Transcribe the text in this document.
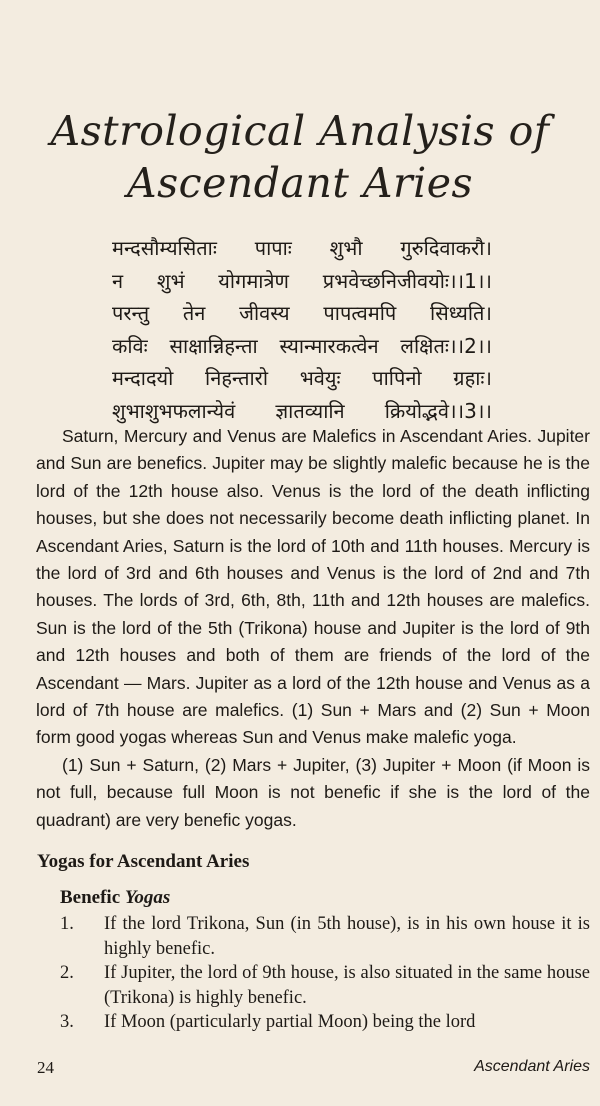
Astrological Analysis of
Ascendant Aries
मन्दसौम्यसिताः पापाः शुभौ गुरुदिवाकरौ।
न शुभं योगमात्रेण प्रभवेच्छनिजीवयोः।।1।।
परन्तु तेन जीवस्य पापत्वमपि सिध्यति।
कविः साक्षान्निहन्ता स्यान्मारकत्वेन लक्षितः।।2।।
मन्दादयो निहन्तारो भवेयुः पापिनो ग्रहाः।
शुभाशुभफलान्येवं ज्ञातव्यानि क्रियोद्भवे।।3।।

Saturn, Mercury and Venus are Malefics in Ascendant Aries. Jupiter and Sun are benefics. Jupiter may be slightly malefic because he is the lord of the 12th house also. Venus is the lord of the death inflicting houses, but she does not necessarily become death inflicting planet. In Ascendant Aries, Saturn is the lord of 10th and 11th houses. Mercury is the lord of 3rd and 6th houses and Venus is the lord of 2nd and 7th houses. The lords of 3rd, 6th, 8th, 11th and 12th houses are malefics. Sun is the lord of the 5th (Trikona) house and Jupiter is the lord of 9th and 12th houses and both of them are friends of the lord of the Ascendant — Mars. Jupiter as a lord of the 12th house and Venus as a lord of 7th house are malefics. (1) Sun + Mars and (2) Sun + Moon form good yogas whereas Sun and Venus make malefic yoga.

(1) Sun + Saturn, (2) Mars + Jupiter, (3) Jupiter + Moon (if Moon is not full, because full Moon is not benefic if she is the lord of the quadrant) are very benefic yogas.

Yogas for Ascendant Aries
Benefic Yogas
1.	If the lord Trikona, Sun (in 5th house), is in his own house it is highly benefic.
2.	If Jupiter, the lord of 9th house, is also situated in the same house (Trikona) is highly benefic.
3.	If Moon (particularly partial Moon) being the lord
24	Ascendant Aries
